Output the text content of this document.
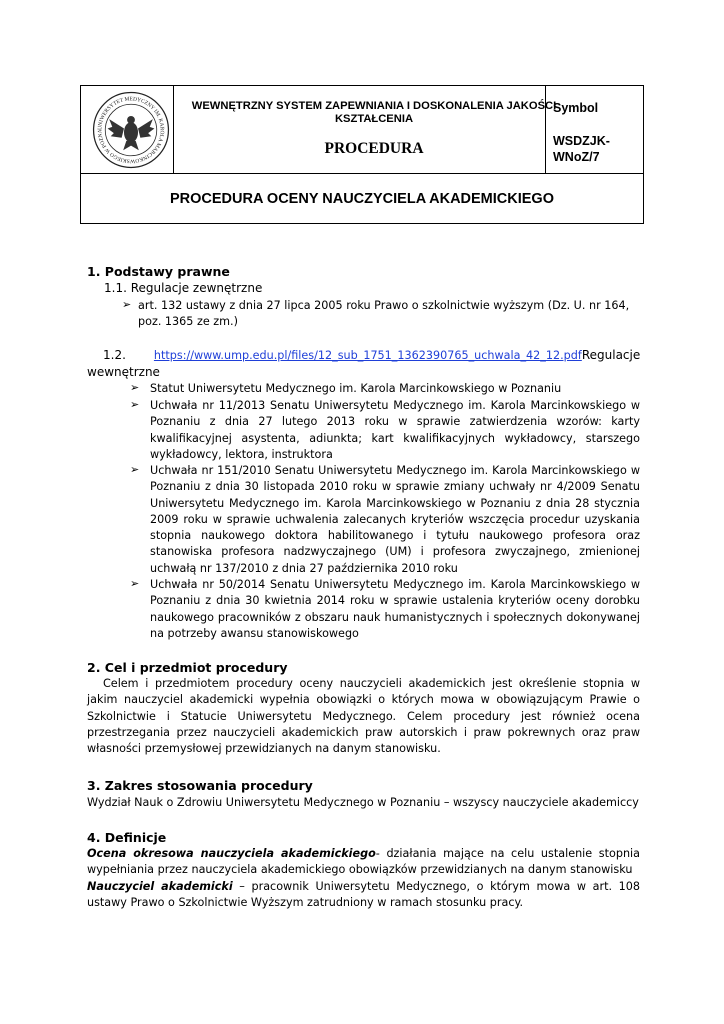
UNIWERSYTET MEDYCZNY IM. KAROLA MARCINKOWSKIEGO W POZNA
WEWNĘTRZNY SYSTEM ZAPEWNIANIA I DOSKONALENIA JAKOŚCI KSZTAŁCENIA
PROCEDURA
Symbol
WSDZJK-WNoZ/7
PROCEDURA OCENY NAUCZYCIELA AKADEMICKIEGO
1. Podstawy prawne
1.1. Regulacje zewnętrzne
➢ art. 132 ustawy z dnia 27 lipca 2005 roku Prawo o szkolnictwie wyższym (Dz. U. nr 164, poz. 1365 ze zm.)
1.2.	https://www.ump.edu.pl/files/12_sub_1751_1362390765_uchwala_42_12.pdfRegulacje wewnętrzne
➢ Statut Uniwersytetu Medycznego im. Karola Marcinkowskiego w Poznaniu
➢ Uchwała nr 11/2013 Senatu Uniwersytetu Medycznego im. Karola Marcinkowskiego w Poznaniu z dnia 27 lutego 2013 roku w sprawie zatwierdzenia wzorów: karty kwalifikacyjnej asystenta, adiunkta; kart kwalifikacyjnych wykładowcy, starszego wykładowcy, lektora, instruktora
➢ Uchwała nr 151/2010 Senatu Uniwersytetu Medycznego im. Karola Marcinkowskiego w Poznaniu z dnia 30 listopada 2010 roku w sprawie zmiany uchwały nr 4/2009 Senatu Uniwersytetu Medycznego im. Karola Marcinkowskiego w Poznaniu z dnia 28 stycznia 2009 roku w sprawie uchwalenia zalecanych kryteriów wszczęcia procedur uzyskania stopnia naukowego doktora habilitowanego i tytułu naukowego profesora oraz stanowiska profesora nadzwyczajnego (UM) i profesora zwyczajnego, zmienionej uchwałą nr 137/2010 z dnia 27 października 2010 roku
➢ Uchwała nr 50/2014 Senatu Uniwersytetu Medycznego im. Karola Marcinkowskiego w Poznaniu z dnia 30 kwietnia 2014 roku w sprawie ustalenia kryteriów oceny dorobku naukowego pracowników z obszaru nauk humanistycznych i społecznych dokonywanej na potrzeby awansu stanowiskowego
2. Cel i przedmiot procedury
Celem i przedmiotem procedury oceny nauczycieli akademickich jest określenie stopnia w jakim nauczyciel akademicki wypełnia obowiązki o których mowa w obowiązującym Prawie o Szkolnictwie i Statucie Uniwersytetu Medycznego. Celem procedury jest również ocena przestrzegania przez nauczycieli akademickich praw autorskich i praw pokrewnych oraz praw własności przemysłowej przewidzianych na danym stanowisku.
3. Zakres stosowania procedury
Wydział Nauk o Zdrowiu Uniwersytetu Medycznego w Poznaniu – wszyscy nauczyciele akademiccy
4. Definicje
Ocena okresowa nauczyciela akademickiego- działania mające na celu ustalenie stopnia wypełniania przez nauczyciela akademickiego obowiązków przewidzianych na danym stanowisku
Nauczyciel akademicki – pracownik Uniwersytetu Medycznego, o którym mowa w art. 108 ustawy Prawo o Szkolnictwie Wyższym zatrudniony w ramach stosunku pracy.
